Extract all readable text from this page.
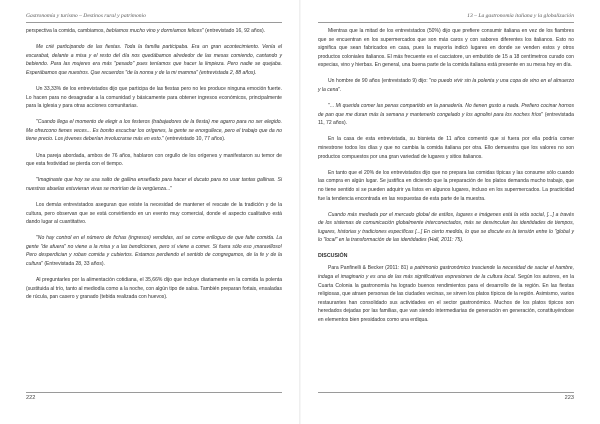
Gastronomía y turismo – Destinos rural y patrimonio

perspectiva la comida, cambiamos, bebíamos mucho vino y dormíamos felices" (entrevistado 16, 92 años).

Me crié participando de las fiestas. Toda la familia participaba. Era un gran acontecimiento. Venía el escarabat, delante a misa y el resto del día nos quedábamos alrededor de las mesas comiendo, cantando y bebiendo. Para las mujeres era más "pesado" pues teníamos que hacer la limpieza. Pero nadie se quejaba. Esperábamos que nuestros. Que recuerdos "de la nonna y de la mi mamma" (entrevistada 2, 88 años).

Un 33,33% de los entrevistados dijo que participa de las fiestas pero no les produce ninguna emoción fuerte. Lo hacen para no desagradar a la comunidad y básicamente para obtener ingresos económicos, principalmente para la iglesia y para otras acciones comunitarias.

"Cuando llega el momento de elegir a los festeros (trabajadores de la fiesta) me agarro para no ser elegido. Me ofrezcono tienes veces... Es bonito escuchar los orígenes, la gente se enorgullece, pero el trabajo que da no tiene precio. Los jóvenes deberían involucrarse más en esto." (entrevistado 10, 77 años).

Una pareja abordada, ambos de 76 años, hablaron con orgullo de los orígenes y manifestaron su temor de que esta festividad se pierda con el tiempo.

"Imaginaste que hoy se usa salto de gallina enseñado para hacer el ducato para no usar tantas gallinas. Si nuestras abuelas estuvieran vivas se morirían de la vergüenza..."

Los demás entrevistados aseguran que existe la necesidad de mantener el rescate de la tradición y de la cultura, pero observan que se está convirtiendo en un evento muy comercial, donde el aspecto cualitativo está dando lugar al cuantitativo.

"No hay control en el número de fichas (ingresos) vendidas, así se come enlloguo de que falte comida. La gente "de afuera" no viene a la misa y a las bendiciones, pero sí viene a comer. Si fuera sólo eso ¡maravilloso! Pero desperdician y roban comida y cubiertos. Estamos perdiendo el sentido de congregamos, de la fe y de la cultura" (Entrevistada 28, 33 años).

Al preguntarles por la alimentación cotidiana, el 35,66% dijo que incluye diariamente en la comida la polenta (sustituida al trío, tanto al mediodía como a la noche, con algún tipo de salsa. También preparan fortais, ensaladas de rúcula, pan casero y granado (tebida realizada con huevos).

222
13 – La gastronomía italiana y la globalización

Mientras que la mitad de los entrevistados (50%) dijo que prefiere consumir italiana en vez de los fiambres que se encuentran en los supermercados que son más caros y con sabores diferentes los italianos. Esto no significa que sean fabricados en casa, pues la mayoría indicó lugares en donde se venden estos y otros productos coloniales italianos. El más frecuente es el cacciatore, un embutido de 15 a 18 centímetros curado con especias, vino y hierbas. En general, una buena parte de la comida italiana está presente en su mesa hoy en día.

Un hombre de 90 años (entrevistado 9) dijo: "no puedo vivir sin la polenta y una copa de vino en el almuerzo y la cena".

"... Mi querida comer las penas compartido en la panadería. No tienen gusto a nada. Prefiero cocinar hornos de pan que me duran más la semana y mantenerlo congelado y los agnolini para los noches fríos" (entrevistada 11, 72 años).

En la casa de esta entrevistada, su bisnieta de 11 años comentó que si fuera por ella podría comer minestrone todos los días y que no cambia la comida italiana por otra. Ello demuestra que los valores no son productos compuestos por una gran variedad de lugares y sitios italianos.

En tanto que el 20% de los entrevistados dijo que no prepara las comidas típicas y las consume sólo cuando las compra en algún lugar. Se justifica en diciendo que la preparación de los platos demanda mucho trabajo, que no tiene sentido si se pueden adquirir ya listos en algunos lugares, incluso en los supermercados. La practicidad fue la tendencia encontrada en las respuestas de esta parte de la muestra.

Cuando más mediada por el mercado global de estilos, lugares e imágenes está la vida social, [...] a través de los sistemas de comunicación globalmente interconectados, más se desvinculan las identidades de tiempos, lugares, historias y tradiciones específicas [...] En cierto medida, lo que se discute es la tensión entre lo "global y lo "local" en la transformación de las identidades (Hall, 2011: 75).

DISCUSIÓN

Para Panfinelli & Becker (2011: 81) a patrimonio gastronómico trasciende la necesidad de saciar el hambre, indaga el imaginario y es una de las más significativas expresiones de la cultura local. Según los autores, en la Cuarta Colonia la gastronomía ha logrado buenos rendimientos para el desarrollo de la región. En las fiestas religiosas, que atraen personas de las ciudades vecinas, se sirven los platos típicos de la región. Asimismo, varios restaurantes han consolidado sus actividades en el sector gastronómico. Muchos de los platos típicos son heredados dejadas por las familias, que van siendo intermediarias de generación en generación, constituyéndose en elementos bien presidados como una erdiqua.

223
